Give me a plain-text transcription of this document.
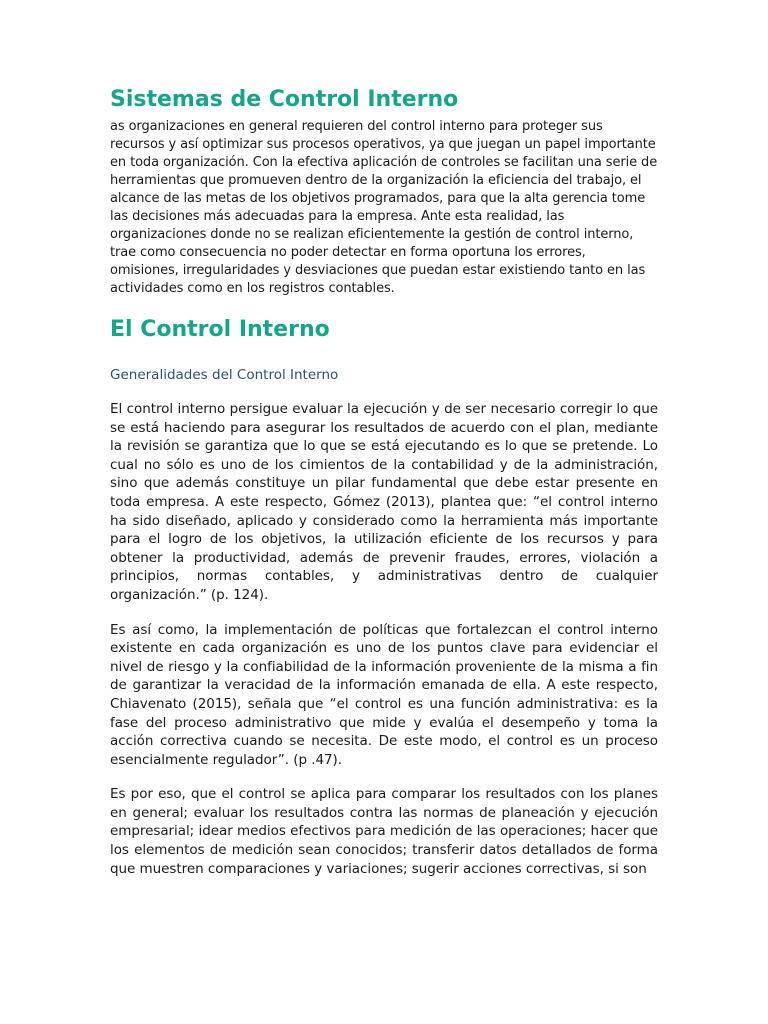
Sistemas de Control Interno

as organizaciones en general requieren del control interno para proteger sus recursos y así optimizar sus procesos operativos, ya que juegan un papel importante en toda organización. Con la efectiva aplicación de controles se facilitan una serie de herramientas que promueven dentro de la organización la eficiencia del trabajo, el alcance de las metas de los objetivos programados, para que la alta gerencia tome las decisiones más adecuadas para la empresa. Ante esta realidad, las organizaciones donde no se realizan eficientemente la gestión de control interno, trae como consecuencia no poder detectar en forma oportuna los errores, omisiones, irregularidades y desviaciones que puedan estar existiendo tanto en las actividades como en los registros contables.

El Control Interno
Generalidades del Control Interno

El control interno persigue evaluar la ejecución y de ser necesario corregir lo que se está haciendo para asegurar los resultados de acuerdo con el plan, mediante la revisión se garantiza que lo que se está ejecutando es lo que se pretende. Lo cual no sólo es uno de los cimientos de la contabilidad y de la administración, sino que además constituye un pilar fundamental que debe estar presente en toda empresa. A este respecto, Gómez (2013), plantea que: “el control interno ha sido diseñado, aplicado y considerado como la herramienta más importante para el logro de los objetivos, la utilización eficiente de los recursos y para obtener la productividad, además de prevenir fraudes, errores, violación a principios, normas contables, y administrativas dentro de cualquier organización.” (p. 124).

Es así como, la implementación de políticas que fortalezcan el control interno existente en cada organización es uno de los puntos clave para evidenciar el nivel de riesgo y la confiabilidad de la información proveniente de la misma a fin de garantizar la veracidad de la información emanada de ella. A este respecto, Chiavenato (2015), señala que “el control es una función administrativa: es la fase del proceso administrativo que mide y evalúa el desempeño y toma la acción correctiva cuando se necesita. De este modo, el control es un proceso esencialmente regulador”. (p .47).

Es por eso, que el control se aplica para comparar los resultados con los planes en general; evaluar los resultados contra las normas de planeación y ejecución empresarial; idear medios efectivos para medición de las operaciones; hacer que los elementos de medición sean conocidos; transferir datos detallados de forma que muestren comparaciones y variaciones; sugerir acciones correctivas, si son
